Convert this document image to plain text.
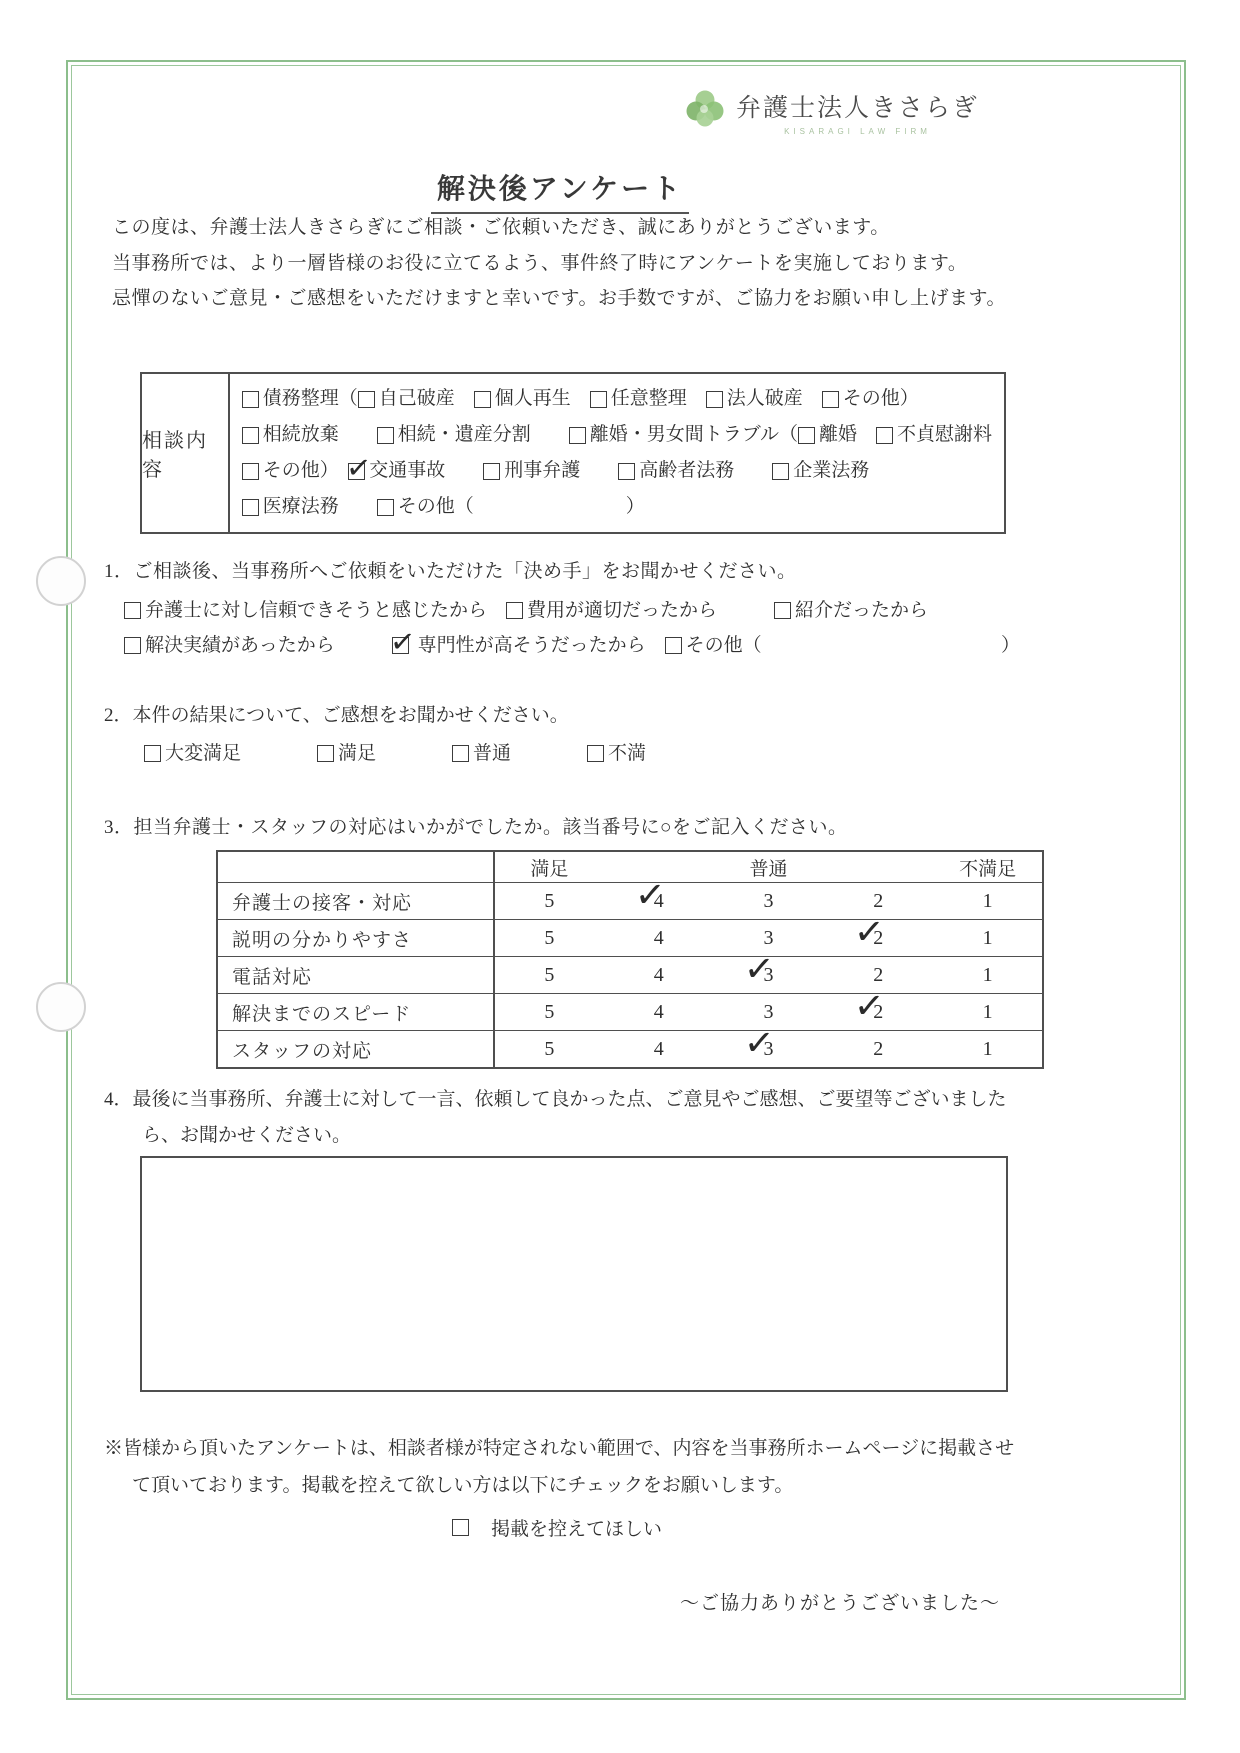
弁護士法人きさらぎ
KISARAGI LAW FIRM
解決後アンケート
この度は、弁護士法人きさらぎにご相談・ご依頼いただき、誠にありがとうございます。
当事務所では、より一層皆様のお役に立てるよう、事件終了時にアンケートを実施しております。
忌憚のないご意見・ご感想をいただけますと幸いです。お手数ですが、ご協力をお願い申し上げます。
相談内容
債務整理（ 自己破産　 個人再生　 任意整理　 法人破産　 その他）
相続放棄　　 相続・遺産分割　　 離婚・男女間トラブル（ 離婚　 不貞慰謝料
その他）　 ✓ 交通事故　　 刑事弁護　　 高齢者法務　　 企業法務
医療法務　　 その他（　　　　　　　　）
1．ご相談後、当事務所へご依頼をいただけた「決め手」をお聞かせください。
弁護士に対し信頼できそうと感じたから　 費用が適切だったから　　　 紹介だったから
解決実績があったから　　　 ✓ 専門性が高そうだったから　 その他（	）
2．本件の結果について、ご感想をお聞かせください。
大変満足　　　　 満足　　　　 普通　　　　 不満
3．担当弁護士・スタッフの対応はいかがでしたか。該当番号に○をご記入ください。
	満足		普通		不満足
弁護士の接客・対応	5	4 ✓	3	2	1
説明の分かりやすさ	5	4	3	2 ✓	1
電話対応	5	4	3 ✓	2	1
解決までのスピード	5	4	3	2 ✓	1
スタッフの対応	5	4	3 ✓	2	1
4．最後に当事務所、弁護士に対して一言、依頼して良かった点、ご意見やご感想、ご要望等ございました
ら、お聞かせください。
※皆様から頂いたアンケートは、相談者様が特定されない範囲で、内容を当事務所ホームページに掲載させ
て頂いております。掲載を控えて欲しい方は以下にチェックをお願いします。
掲載を控えてほしい
～ご協力ありがとうございました～
